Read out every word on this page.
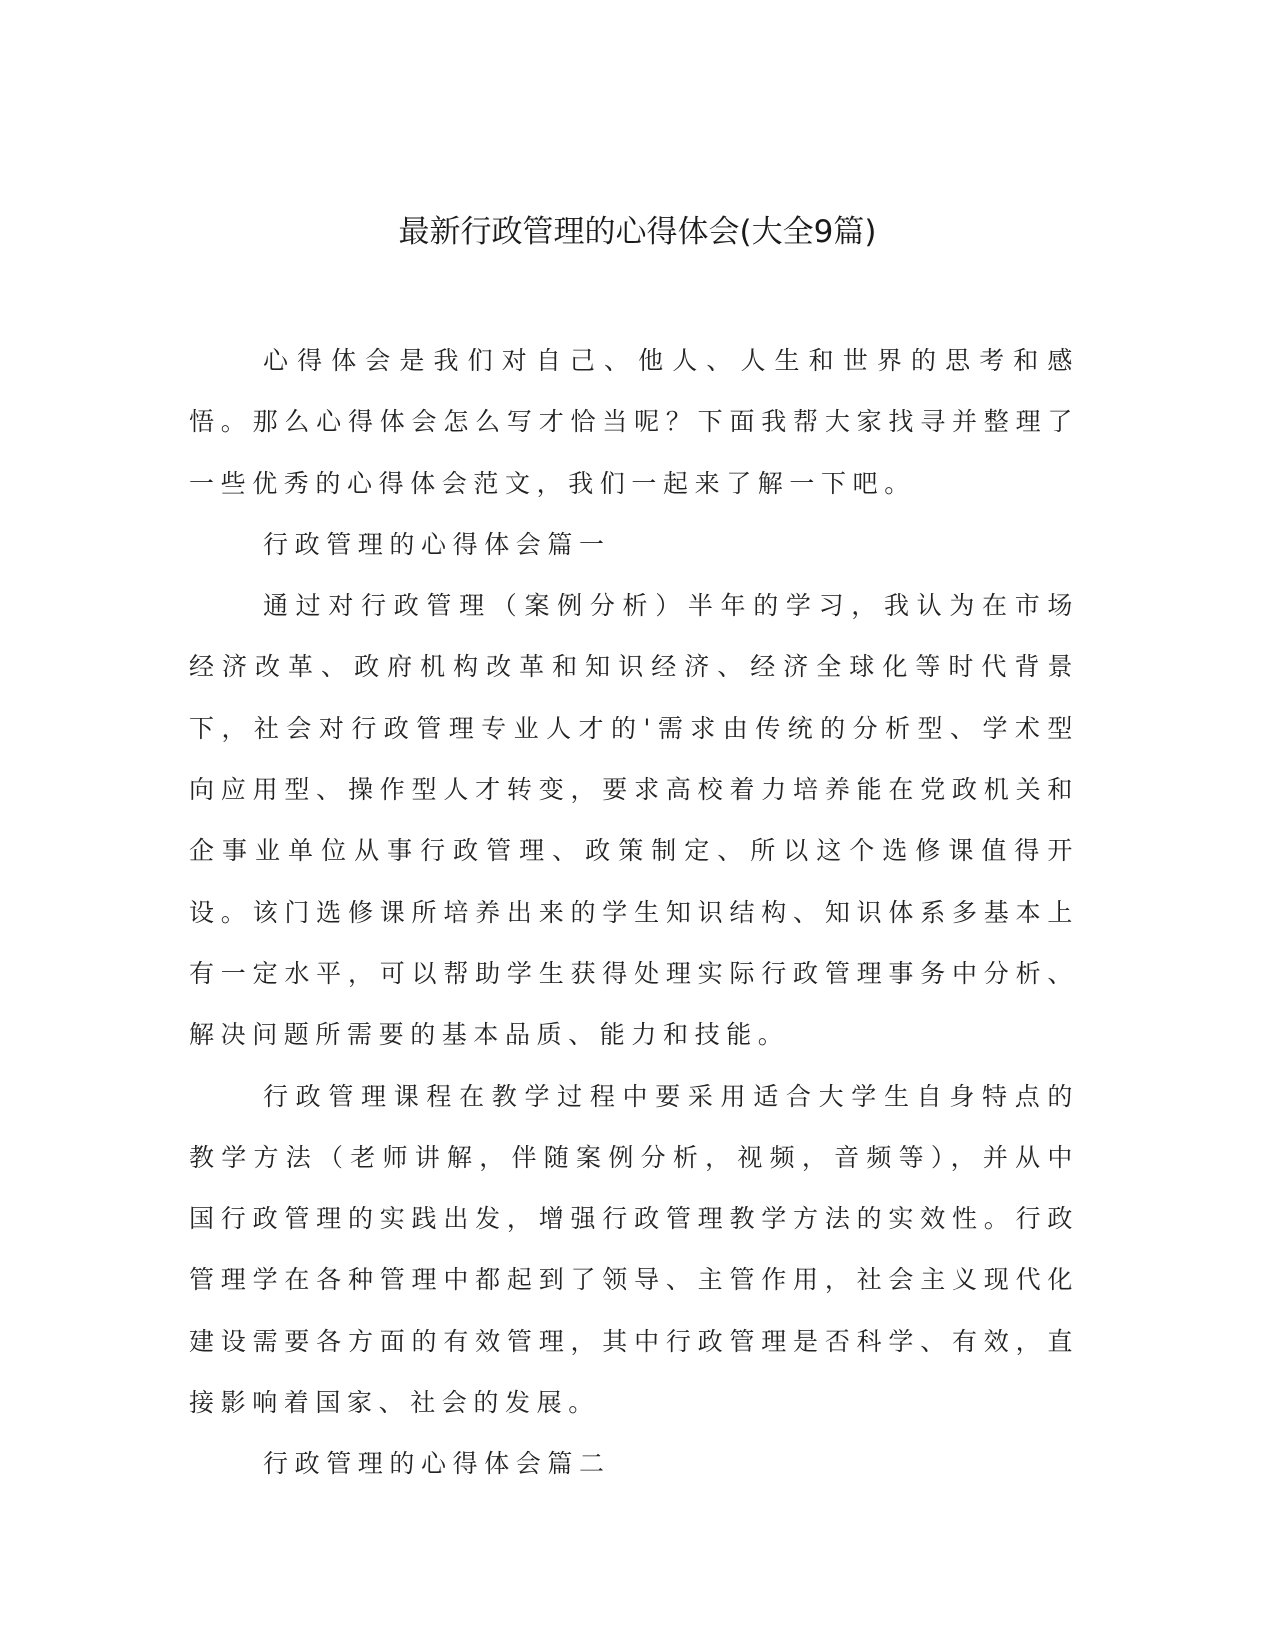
最新行政管理的心得体会(大全9篇)

心得体会是我们对自己、他人、人生和世界的思考和感悟。那么心得体会怎么写才恰当呢？下面我帮大家找寻并整理了一些优秀的心得体会范文，我们一起来了解一下吧。

行政管理的心得体会篇一

通过对行政管理（案例分析）半年的学习，我认为在市场经济改革、政府机构改革和知识经济、经济全球化等时代背景下，社会对行政管理专业人才的'需求由传统的分析型、学术型向应用型、操作型人才转变，要求高校着力培养能在党政机关和企事业单位从事行政管理、政策制定、所以这个选修课值得开设。该门选修课所培养出来的学生知识结构、知识体系多基本上有一定水平，可以帮助学生获得处理实际行政管理事务中分析、解决问题所需要的基本品质、能力和技能。

行政管理课程在教学过程中要采用适合大学生自身特点的教学方法（老师讲解，伴随案例分析，视频，音频等），并从中国行政管理的实践出发，增强行政管理教学方法的实效性。行政管理学在各种管理中都起到了领导、主管作用，社会主义现代化建设需要各方面的有效管理，其中行政管理是否科学、有效，直接影响着国家、社会的发展。

行政管理的心得体会篇二
